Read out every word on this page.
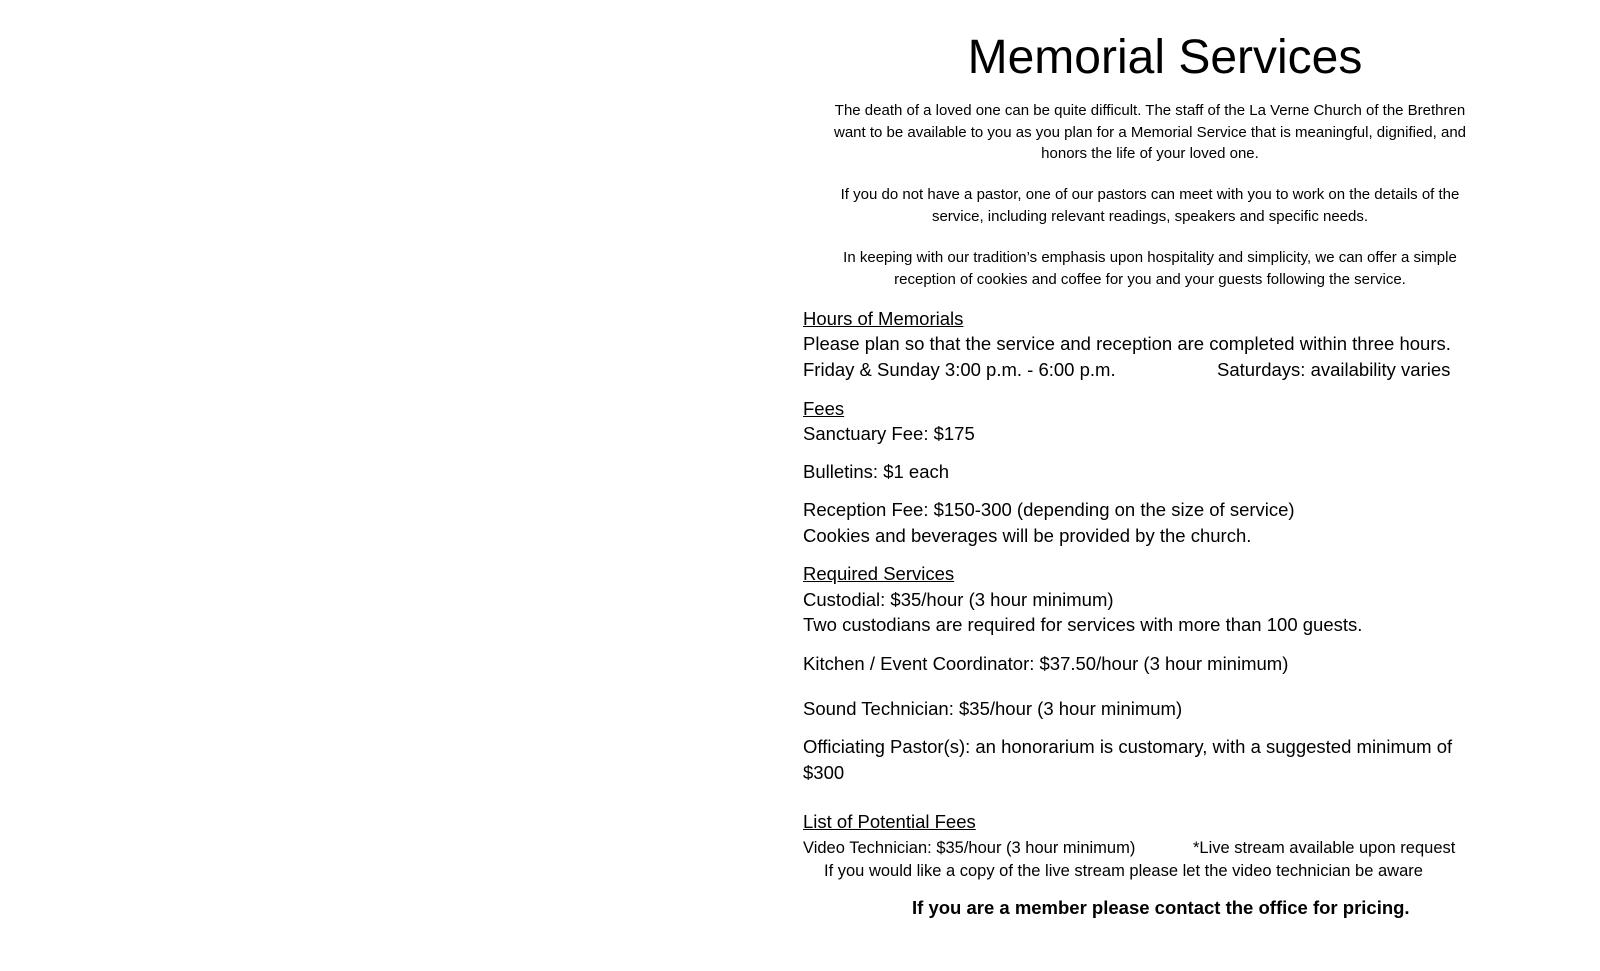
Memorial Services
The death of a loved one can be quite difficult. The staff of the La Verne Church of the Brethren want to be available to you as you plan for a Memorial Service that is meaningful, dignified, and honors the life of your loved one.
If you do not have a pastor, one of our pastors can meet with you to work on the details of the service, including relevant readings, speakers and specific needs.
In keeping with our tradition’s emphasis upon hospitality and simplicity, we can offer a simple reception of cookies and coffee for you and your guests following the service.
Hours of Memorials
Please plan so that the service and reception are completed within three hours.
Friday & Sunday 3:00 p.m. - 6:00 p.m.	Saturdays: availability varies
Fees
Sanctuary Fee: $175
Bulletins: $1 each
Reception Fee: $150-300 (depending on the size of service)
Cookies and beverages will be provided by the church.
Required Services
Custodial: $35/hour (3 hour minimum)
Two custodians are required for services with more than 100 guests.
Kitchen / Event Coordinator: $37.50/hour (3 hour minimum)
Sound Technician: $35/hour (3 hour minimum)
Officiating Pastor(s): an honorarium is customary, with a suggested minimum of
$300
List of Potential Fees
Video Technician: $35/hour (3 hour minimum)	*Live stream available upon request
If you would like a copy of the live stream please let the video technician be aware
If you are a member please contact the office for pricing.
